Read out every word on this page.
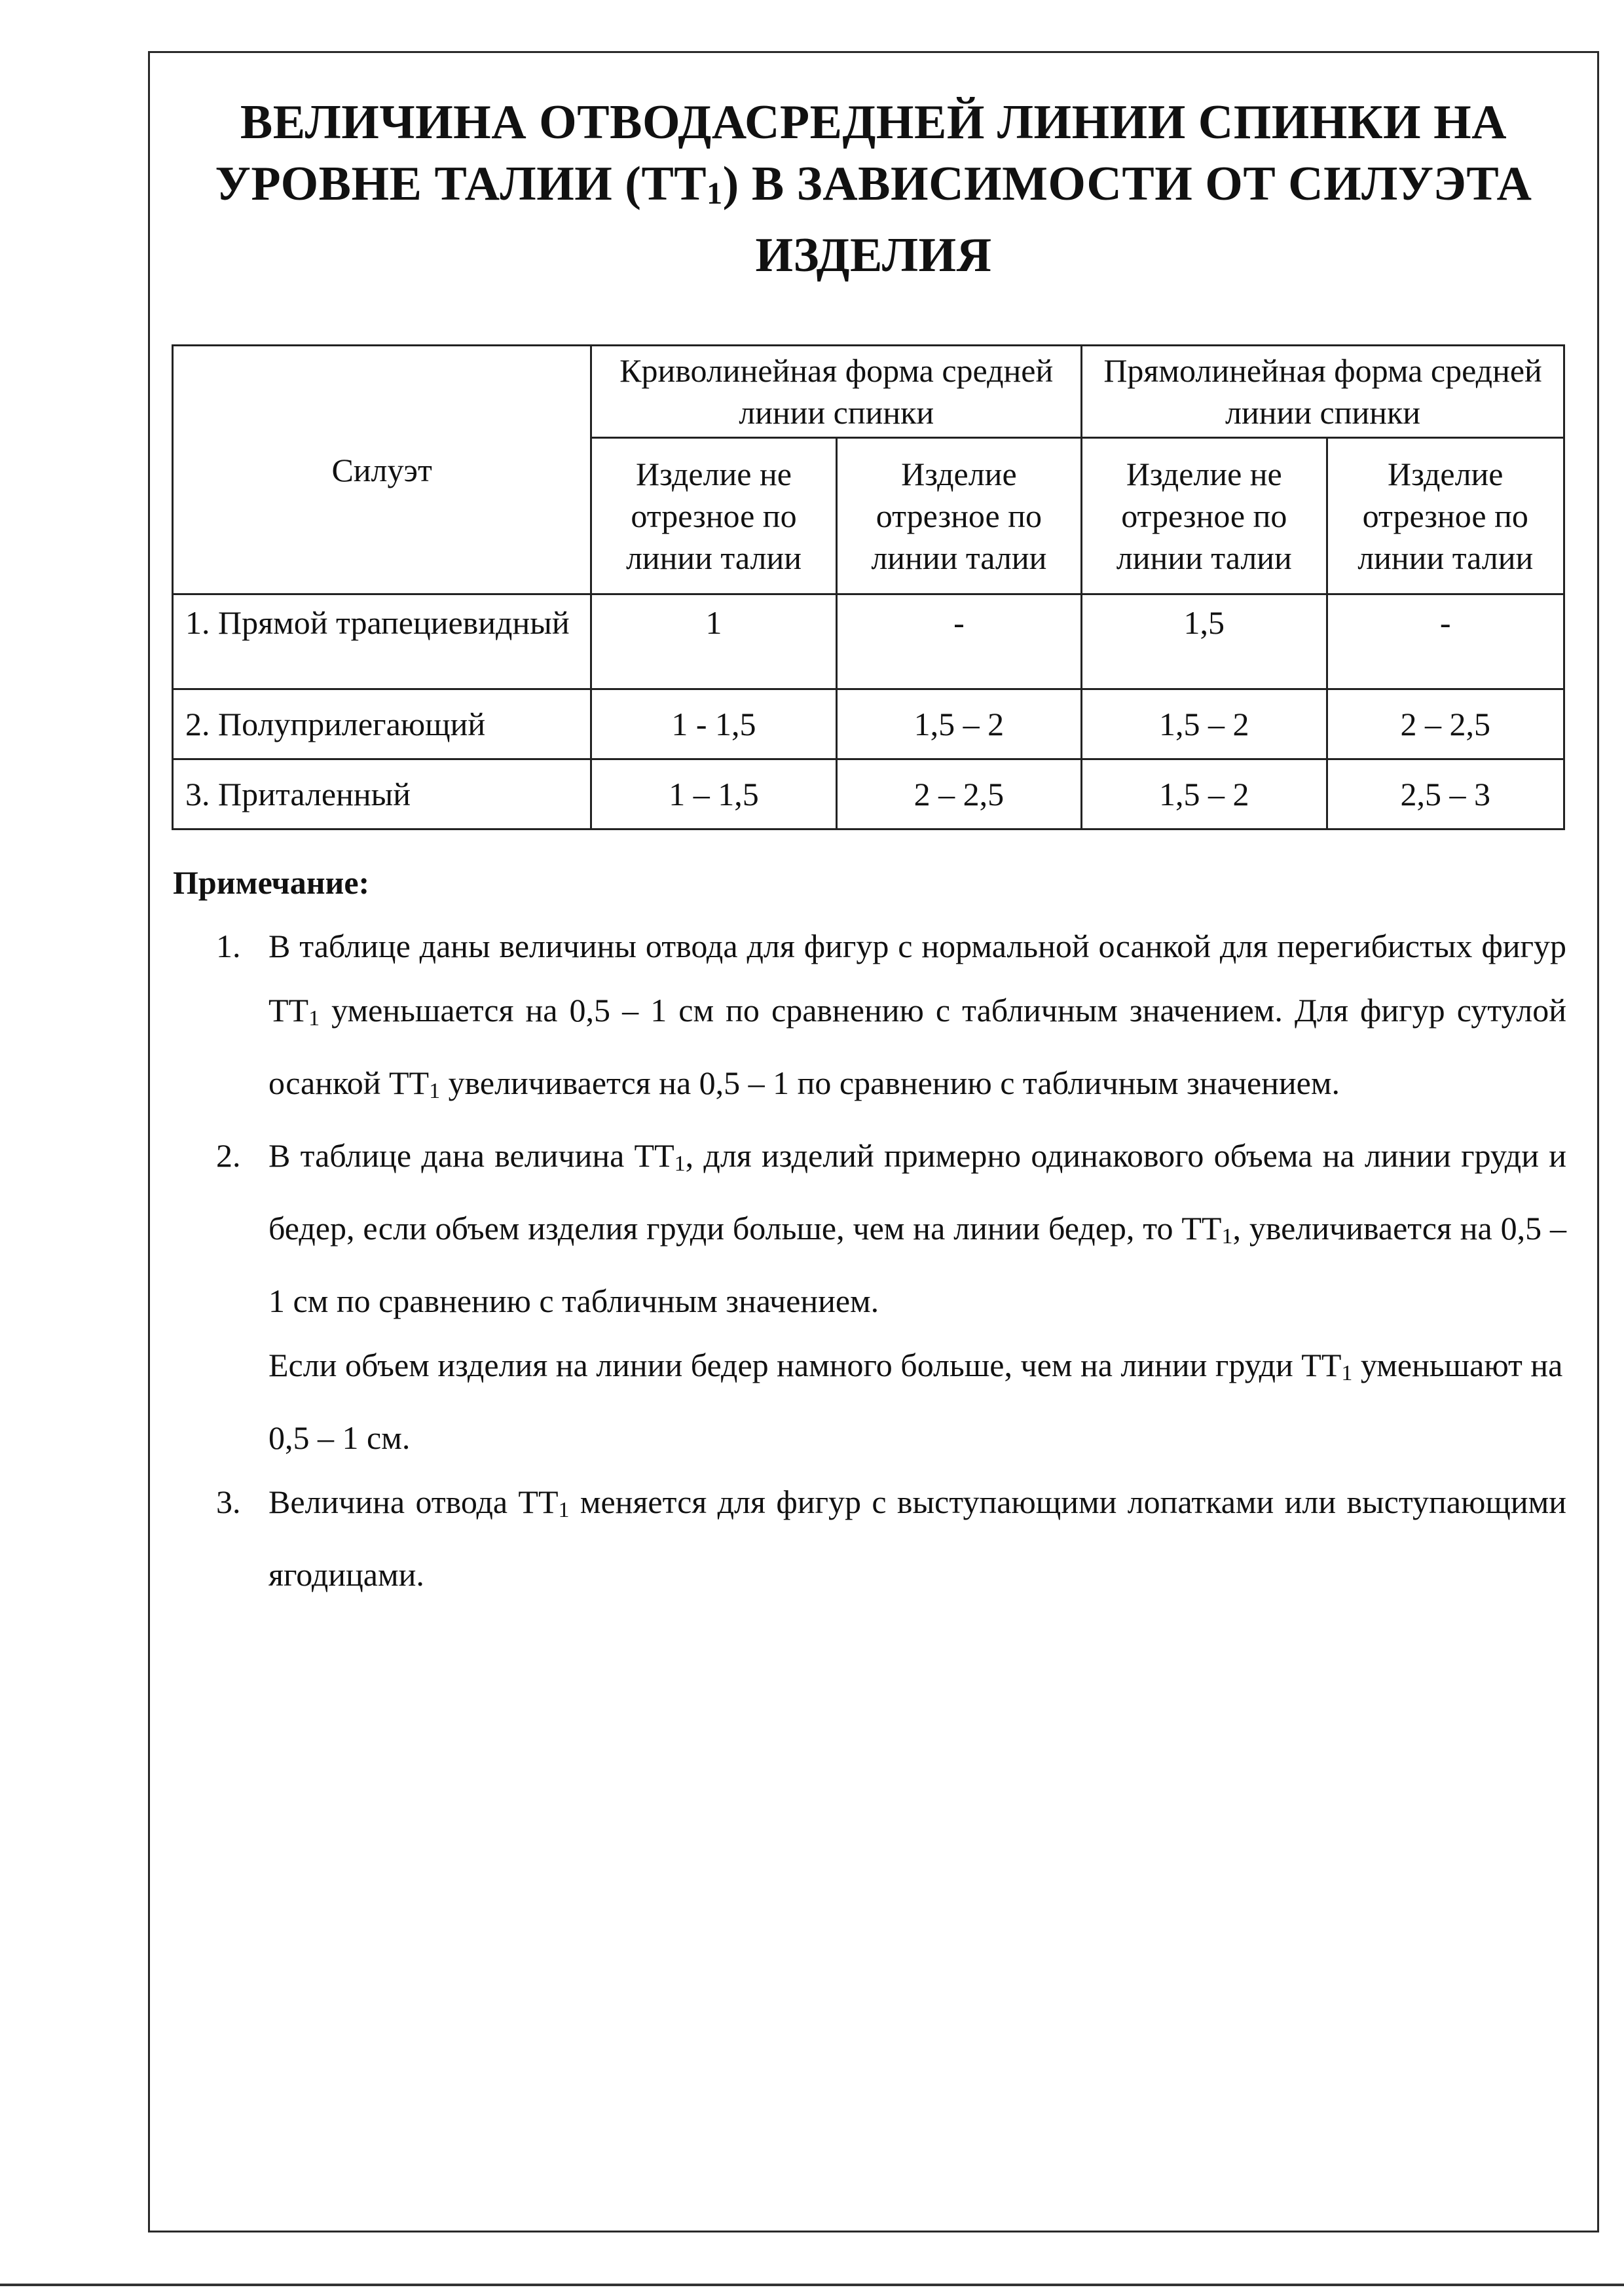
ВЕЛИЧИНА ОТВОДАСРЕДНЕЙ ЛИНИИ СПИНКИ НА
УРОВНЕ ТАЛИИ $(ТТ_1)$ В ЗАВИСИМОСТИ ОТ СИЛУЭТА
ИЗДЕЛИЯ
Силуэт	Криволинейная форма средней линии спинки		Прямолинейная форма средней линии спинки	
	Изделие не отрезное по линии талии	Изделие отрезное по линии талии	Изделие не отрезное по линии талии	Изделие отрезное по линии талии
1. Прямой трапециевидный	1	-	1,5	-
2. Полуприлегающий	1 - 1,5	1,5 – 2	1,5 – 2	2 – 2,5
3. Приталенный	1 – 1,5	2 – 2,5	1,5 – 2	2,5 – 3
Примечание:
1. В таблице даны величины отвода для фигур с нормальной осанкой для перегибистых фигур $ТТ_1$ уменьшается на 0,5 – 1 см по сравнению с табличным значением. Для фигур сутулой осанкой $ТТ_1$ увеличивается на 0,5 – 1 по сравнению с табличным значением.

2. В таблице дана величина $ТТ_1$, для изделий примерно одинакового объема на линии груди и бедер, если объем изделия груди больше, чем на линии бедер, то $ТТ_1$, увеличивается на 0,5 – 1 см по сравнению с табличным значением.

Если объем изделия на линии бедер намного больше, чем на линии груди $ТТ_1$ уменьшают на 0,5 – 1 см.

3. Величина отвода $ТТ_1$ меняется для фигур с выступающими лопатками или выступающими ягодицами.
